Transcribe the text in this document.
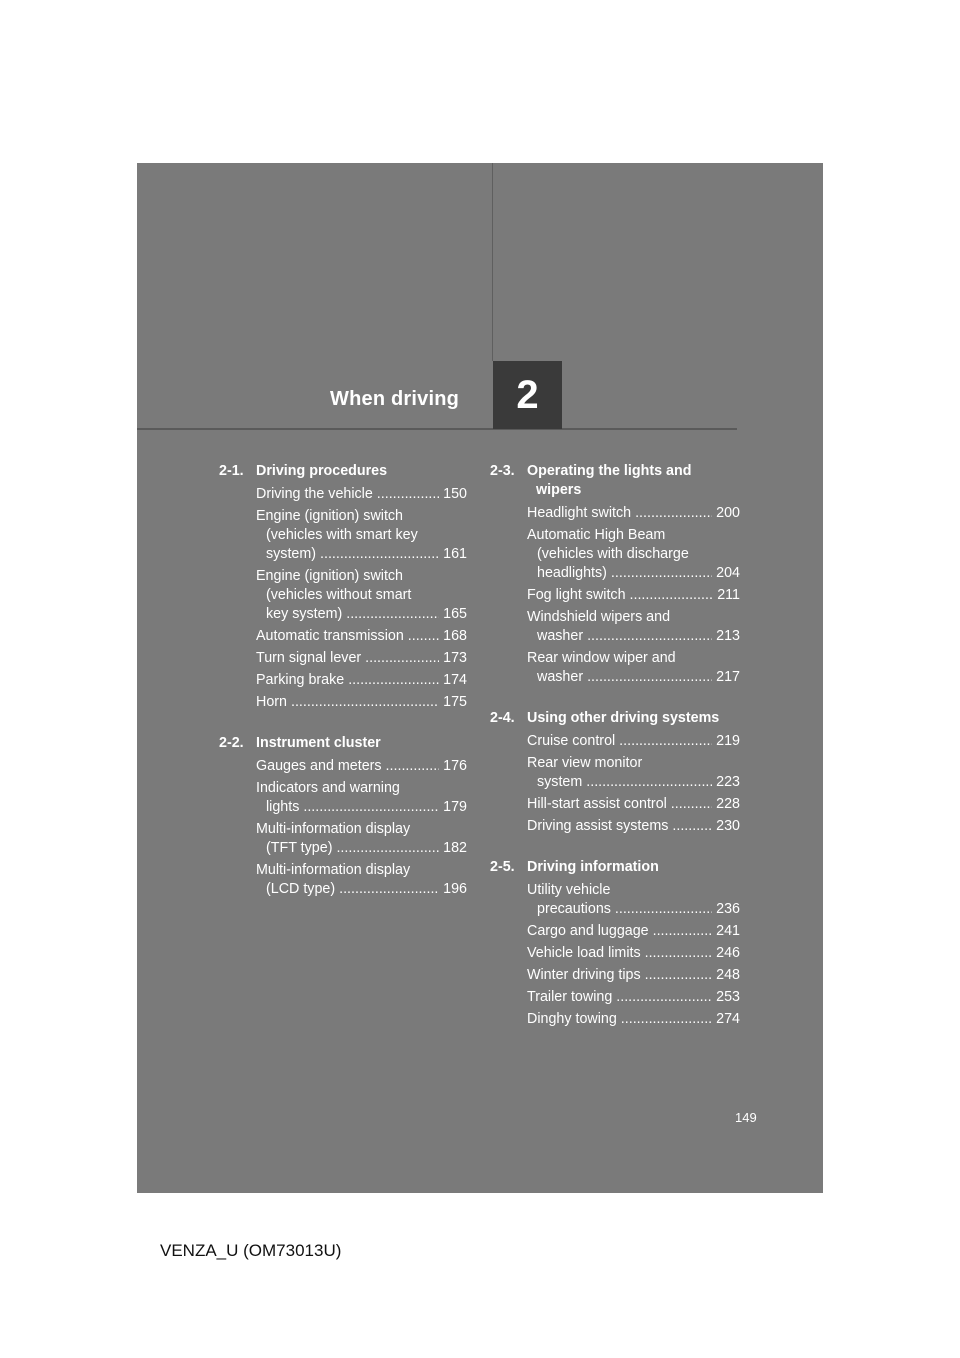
When driving 2
2-1. Driving procedures
Driving the vehicle .....	150
Engine (ignition) switch
(vehicles with smart key
system) .....	161
Engine (ignition) switch
(vehicles without smart
key system) .....	165
Automatic transmission .....	168
Turn signal lever .....	173
Parking brake .....	174
Horn .....	175
2-2. Instrument cluster
Gauges and meters .....	176
Indicators and warning
lights .....	179
Multi-information display
(TFT type) .....	182
Multi-information display
(LCD type) .....	196
2-3. Operating the lights and
wipers
Headlight switch .....	200
Automatic High Beam
(vehicles with discharge
headlights) .....	204
Fog light switch .....	211
Windshield wipers and
washer .....	213
Rear window wiper and
washer .....	217
2-4. Using other driving systems
Cruise control .....	219
Rear view monitor
system .....	223
Hill-start assist control .....	228
Driving assist systems .....	230
2-5. Driving information
Utility vehicle
precautions .....	236
Cargo and luggage .....	241
Vehicle load limits .....	246
Winter driving tips .....	248
Trailer towing .....	253
Dinghy towing .....	274
149
VENZA_U (OM73013U)
